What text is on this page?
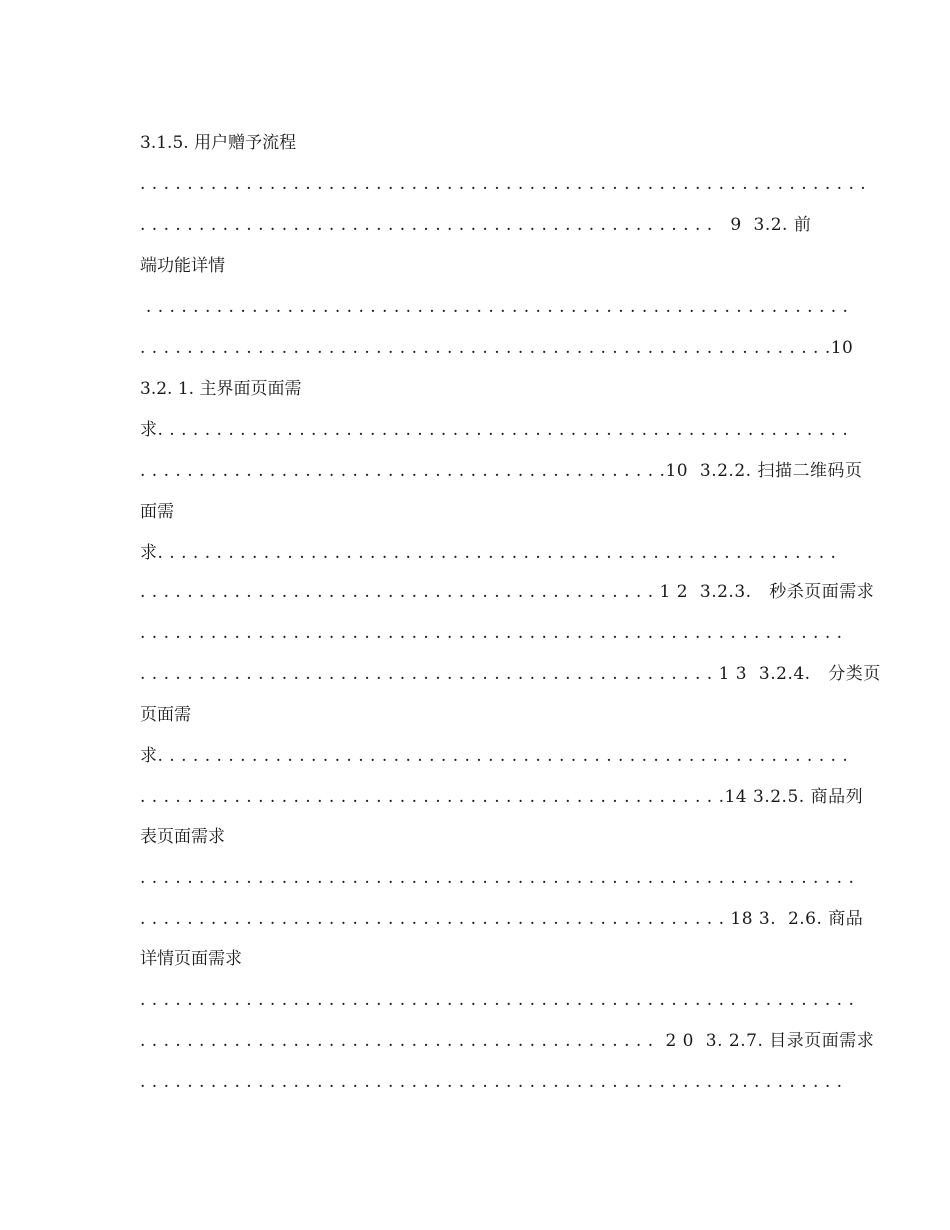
3.1.5. 用户赠予流程
. . . . . . . . . . . . . . . . . . . . . . . . . . . . . . . . . . . . . . . . . . . . . . . . . . . . . . . . . . . . . .
. . . . . . . . . . . . . . . . . . . . . . . . . . . . . . . . . . . . . . . . . . . . . . . . .   9  3.2. 前
端功能详情
. . . . . . . . . . . . . . . . . . . . . . . . . . . . . . . . . . . . . . . . . . . . . . . . . . . . . . . . . . . .
. . . . . . . . . . . . . . . . . . . . . . . . . . . . . . . . . . . . . . . . . . . . . . . . . . . . . . . . . . .10
3.2. 1. 主界面页面需
求. . . . . . . . . . . . . . . . . . . . . . . . . . . . . . . . . . . . . . . . . . . . . . . . . . . . . . . . . . .
. . . . . . . . . . . . . . . . . . . . . . . . . . . . . . . . . . . . . . . . . . . . .10  3.2.2. 扫描二维码页
面需
求. . . . . . . . . . . . . . . . . . . . . . . . . . . . . . . . . . . . . . . . . . . . . . . . . . . . . . . . . .
. . . . . . . . . . . . . . . . . . . . . . . . . . . . . . . . . . . . . . . . . . . . 1 2  3.2.3.   秒杀页面需求
. . . . . . . . . . . . . . . . . . . . . . . . . . . . . . . . . . . . . . . . . . . . . . . . . . . . . . . . . . . .
. . . . . . . . . . . . . . . . . . . . . . . . . . . . . . . . . . . . . . . . . . . . . . . . . 1 3  3.2.4.   分类页
页面需
求. . . . . . . . . . . . . . . . . . . . . . . . . . . . . . . . . . . . . . . . . . . . . . . . . . . . . . . . . . .
. . . . . . . . . . . . . . . . . . . . . . . . . . . . . . . . . . . . . . . . . . . . . . . . . .14 3.2.5. 商品列
表页面需求
. . . . . . . . . . . . . . . . . . . . . . . . . . . . . . . . . . . . . . . . . . . . . . . . . . . . . . . . . . . . .
. . . . . . . . . . . . . . . . . . . . . . . . . . . . . . . . . . . . . . . . . . . . . . . . . . 18 3.  2.6. 商品
详情页面需求
. . . . . . . . . . . . . . . . . . . . . . . . . . . . . . . . . . . . . . . . . . . . . . . . . . . . . . . . . . . . .
. . . . . . . . . . . . . . . . . . . . . . . . . . . . . . . . . . . . . . . . . . . .  2 0  3. 2.7. 目录页面需求
. . . . . . . . . . . . . . . . . . . . . . . . . . . . . . . . . . . . . . . . . . . . . . . . . . . . . . . . . . . .
